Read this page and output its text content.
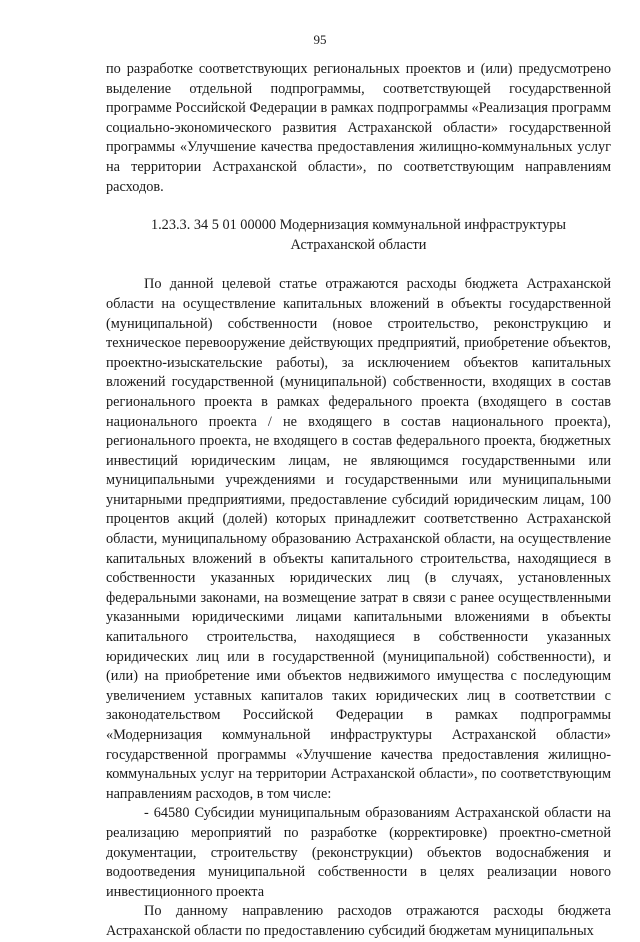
95

по разработке соответствующих региональных проектов и (или) предусмотрено выделение отдельной подпрограммы, соответствующей государственной программе Российской Федерации в рамках подпрограммы «Реализация программ социально-экономического развития Астраханской области» государственной программы «Улучшение качества предоставления жилищно-коммунальных услуг на территории Астраханской области», по соответствующим направлениям расходов.

1.23.3. 34 5 01 00000 Модернизация коммунальной инфраструктуры Астраханской области

По данной целевой статье отражаются расходы бюджета Астраханской области на осуществление капитальных вложений в объекты государственной (муниципальной) собственности (новое строительство, реконструкцию и техническое перевооружение действующих предприятий, приобретение объектов, проектно-изыскательские работы), за исключением объектов капитальных вложений государственной (муниципальной) собственности, входящих в состав регионального проекта в рамках федерального проекта (входящего в состав национального проекта / не входящего в состав национального проекта), регионального проекта, не входящего в состав федерального проекта, бюджетных инвестиций юридическим лицам, не являющимся государственными или муниципальными учреждениями и государственными или муниципальными унитарными предприятиями, предоставление субсидий юридическим лицам, 100 процентов акций (долей) которых принадлежит соответственно Астраханской области, муниципальному образованию Астраханской области, на осуществление капитальных вложений в объекты капитального строительства, находящиеся в собственности указанных юридических лиц (в случаях, установленных федеральными законами, на возмещение затрат в связи с ранее осуществленными указанными юридическими лицами капитальными вложениями в объекты капитального строительства, находящиеся в собственности указанных юридических лиц или в государственной (муниципальной) собственности), и (или) на приобретение ими объектов недвижимого имущества с последующим увеличением уставных капиталов таких юридических лиц в соответствии с законодательством Российской Федерации в рамках подпрограммы «Модернизация коммунальной инфраструктуры Астраханской области» государственной программы «Улучшение качества предоставления жилищно-коммунальных услуг на территории Астраханской области», по соответствующим направлениям расходов, в том числе:

- 64580 Субсидии муниципальным образованиям Астраханской области на реализацию мероприятий по разработке (корректировке) проектно-сметной документации, строительству (реконструкции) объектов водоснабжения и водоотведения муниципальной собственности в целях реализации нового инвестиционного проекта

По данному направлению расходов отражаются расходы бюджета Астраханской области по предоставлению субсидий бюджетам муниципальных
